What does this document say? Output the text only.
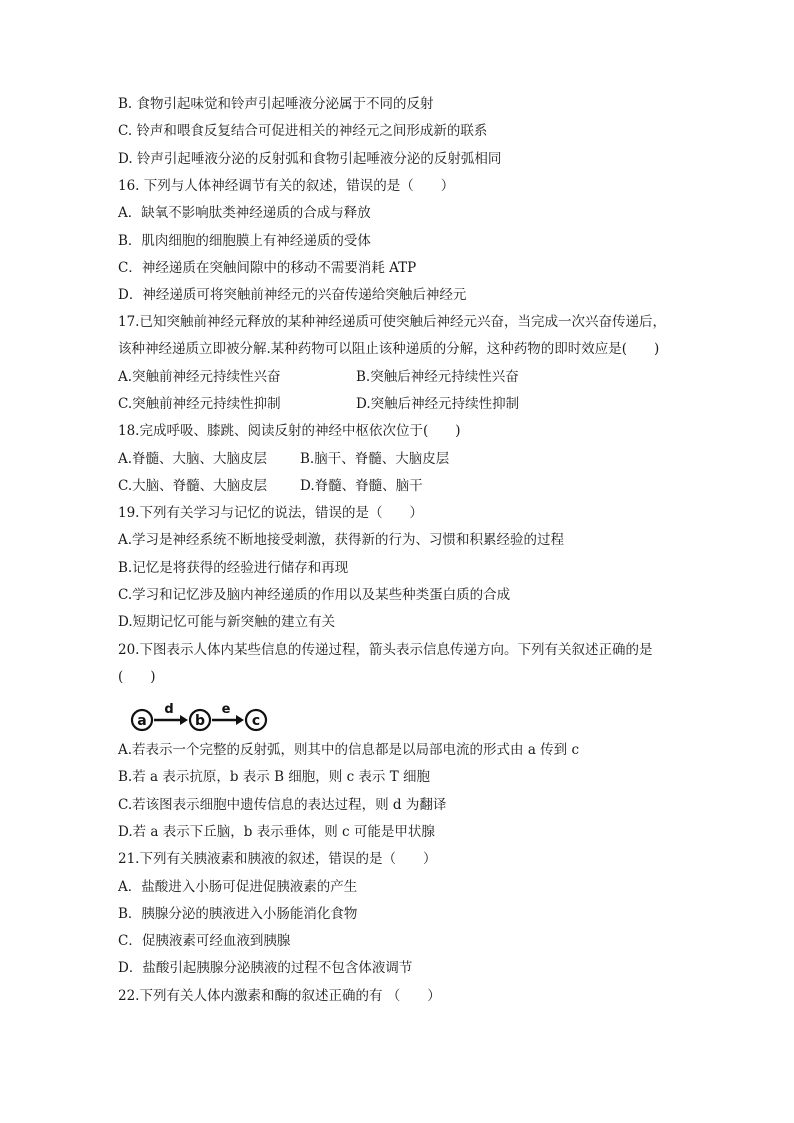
B. 食物引起味觉和铃声引起唾液分泌属于不同的反射
C. 铃声和喂食反复结合可促进相关的神经元之间形成新的联系
D. 铃声引起唾液分泌的反射弧和食物引起唾液分泌的反射弧相同
16. 下列与人体神经调节有关的叙述，错误的是（　　）
A．缺氧不影响肽类神经递质的合成与释放
B．肌肉细胞的细胞膜上有神经递质的受体
C．神经递质在突触间隙中的移动不需要消耗 ATP
D．神经递质可将突触前神经元的兴奋传递给突触后神经元
17.已知突触前神经元释放的某种神经递质可使突触后神经元兴奋，当完成一次兴奋传递后，
该种神经递质立即被分解.某种药物可以阻止该种递质的分解，这种药物的即时效应是(　　)
A.突触前神经元持续性兴奋	B.突触后神经元持续性兴奋
C.突触前神经元持续性抑制	D.突触后神经元持续性抑制
18.完成呼吸、膝跳、阅读反射的神经中枢依次位于(　　)
A.脊髓、大脑、大脑皮层 B.脑干、脊髓、大脑皮层
C.大脑、脊髓、大脑皮层 D.脊髓、脊髓、脑干
19.下列有关学习与记忆的说法，错误的是（　　）
A.学习是神经系统不断地接受刺激，获得新的行为、习惯和积累经验的过程
B.记忆是将获得的经验进行储存和再现
C.学习和记忆涉及脑内神经递质的作用以及某些种类蛋白质的合成
D.短期记忆可能与新突触的建立有关
20.下图表示人体内某些信息的传递过程，箭头表示信息传递方向。下列有关叙述正确的是
(　　)
a
d
b
e
c
A.若表示一个完整的反射弧，则其中的信息都是以局部电流的形式由 a 传到 c
B.若 a 表示抗原，b 表示 B 细胞，则 c 表示 T 细胞
C.若该图表示细胞中遗传信息的表达过程，则 d 为翻译
D.若 a 表示下丘脑，b 表示垂体，则 c 可能是甲状腺
21.下列有关胰液素和胰液的叙述，错误的是（　　）
A．盐酸进入小肠可促进促胰液素的产生
B．胰腺分泌的胰液进入小肠能消化食物
C．促胰液素可经血液到胰腺
D．盐酸引起胰腺分泌胰液的过程不包含体液调节
22.下列有关人体内激素和酶的叙述正确的有 （　　）
